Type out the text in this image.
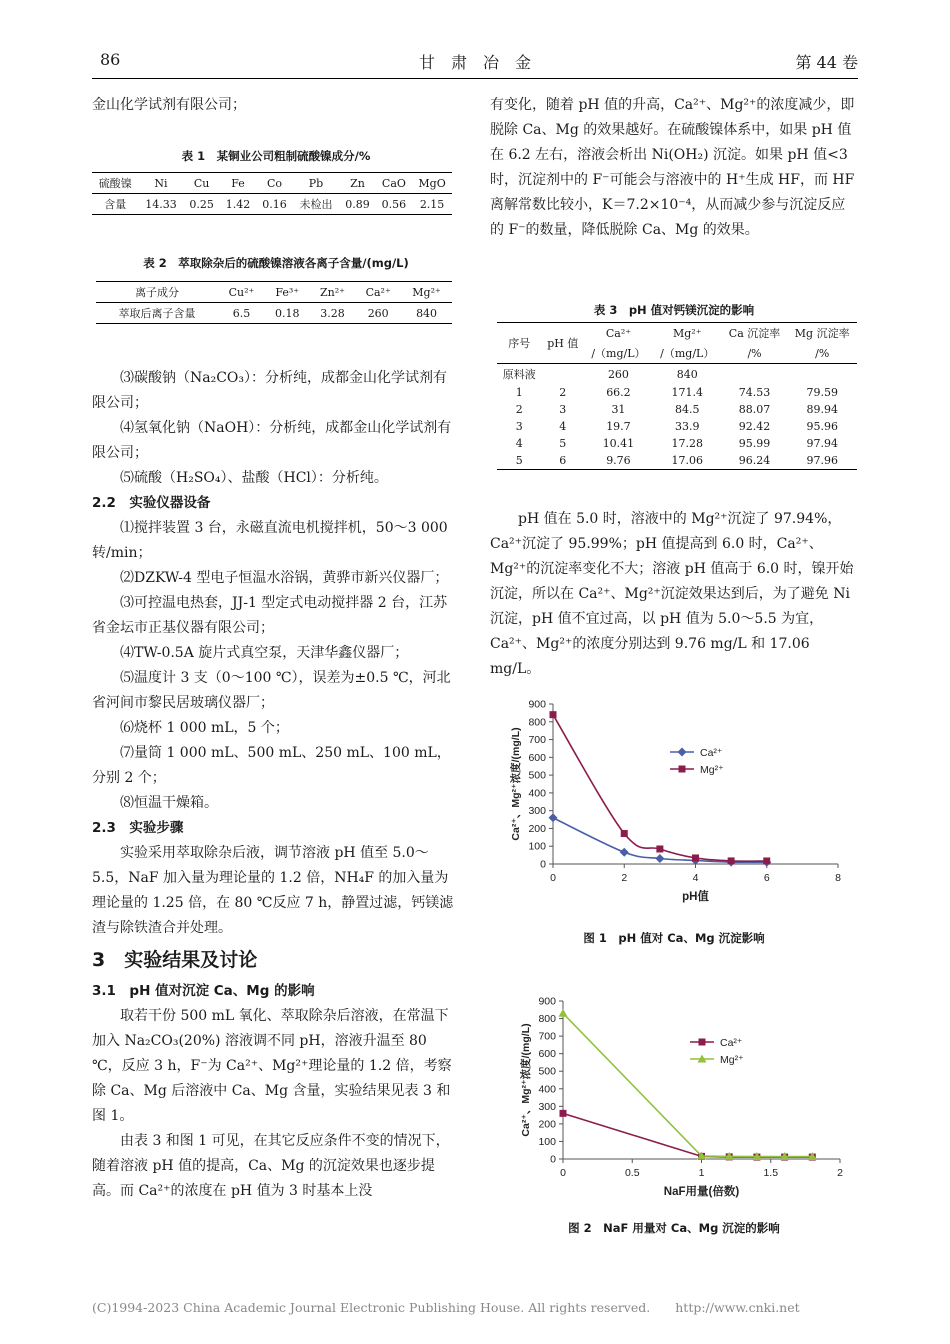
86	甘　肃　冶　金	第 44 卷

金山化学试剂有限公司；

表 1　某铜业公司粗制硫酸镍成分/%
硫酸镍	Ni	Cu	Fe	Co	Pb	Zn	CaO	MgO
含量	14.33	0.25	1.42	0.16	未检出	0.89	0.56	2.15
表 2　萃取除杂后的硫酸镍溶液各离子含量/(mg/L)
离子成分	Cu²⁺	Fe³⁺	Zn²⁺	Ca²⁺	Mg²⁺
萃取后离子含量	6.5	0.18	3.28	260	840

⑶碳酸钠（Na₂CO₃）：分析纯，成都金山化学试剂有限公司；

⑷氢氧化钠（NaOH）：分析纯，成都金山化学试剂有限公司；

⑸硫酸（H₂SO₄）、盐酸（HCl）：分析纯。

2.2　实验仪器设备

⑴搅拌装置 3 台，永磁直流电机搅拌机，50～3 000 转/min；

⑵DZKW-4 型电子恒温水浴锅，黄骅市新兴仪器厂；

⑶可控温电热套，JJ-1 型定式电动搅拌器 2 台，江苏省金坛市正基仪器有限公司；

⑷TW-0.5A 旋片式真空泵，天津华鑫仪器厂；

⑸温度计 3 支（0～100 ℃），误差为±0.5 ℃，河北省河间市黎民居玻璃仪器厂；

⑹烧杯 1 000 mL，5 个；

⑺量筒 1 000 mL、500 mL、250 mL、100 mL，分别 2 个；

⑻恒温干燥箱。

2.3　实验步骤

实验采用萃取除杂后液，调节溶液 pH 值至 5.0～5.5，NaF 加入量为理论量的 1.2 倍，NH₄F 的加入量为理论量的 1.25 倍，在 80 ℃反应 7 h，静置过滤，钙镁滤渣与除铁渣合并处理。

3　实验结果及讨论

3.1　pH 值对沉淀 Ca、Mg 的影响

取若干份 500 mL 氧化、萃取除杂后溶液，在常温下加入 Na₂CO₃(20%) 溶液调不同 pH，溶液升温至 80 ℃，反应 3 h，F⁻为 Ca²⁺、Mg²⁺理论量的 1.2 倍，考察除 Ca、Mg 后溶液中 Ca、Mg 含量，实验结果见表 3 和图 1。

由表 3 和图 1 可见，在其它反应条件不变的情况下，随着溶液 pH 值的提高，Ca、Mg 的沉淀效果也逐步提高。而 Ca²⁺的浓度在 pH 值为 3 时基本上没

有变化，随着 pH 值的升高，Ca²⁺、Mg²⁺的浓度减少，即脱除 Ca、Mg 的效果越好。在硫酸镍体系中，如果 pH 值在 6.2 左右，溶液会析出 Ni(OH₂) 沉淀。如果 pH 值<3 时，沉淀剂中的 F⁻可能会与溶液中的 H⁺生成 HF，而 HF 离解常数比较小，K＝7.2×10⁻⁴，从而减少参与沉淀反应的 F⁻的数量，降低脱除 Ca、Mg 的效果。

表 3　pH 值对钙镁沉淀的影响
序号	pH 值	Ca²⁺	Mg²⁺	Ca 沉淀率	Mg 沉淀率
		/（mg/L）	/（mg/L）	/%	/%
原料液		260	840		
1	2	66.2	171.4	74.53	79.59
2	3	31	84.5	88.07	89.94
3	4	19.7	33.9	92.42	95.96
4	5	10.41	17.28	95.99	97.94
5	6	9.76	17.06	96.24	97.96

pH 值在 5.0 时，溶液中的 Mg²⁺沉淀了 97.94%，Ca²⁺沉淀了 95.99%；pH 值提高到 6.0 时，Ca²⁺、Mg²⁺的沉淀率变化不大；溶液 pH 值高于 6.0 时，镍开始沉淀，所以在 Ca²⁺、Mg²⁺沉淀效果达到后，为了避免 Ni 沉淀，pH 值不宜过高，以 pH 值为 5.0～5.5 为宜，Ca²⁺、Mg²⁺的浓度分别达到 9.76 mg/L 和 17.06 mg/L。

0
100
200
300
400
500
600
700
800
900
0	2	4	6	8
pH值
Ca²⁺、Mg²⁺浓度/(mg/L)	Ca²⁺
Mg²⁺
图 1　pH 值对 Ca、Mg 沉淀影响
0
100
200
300
400
500
600
700
800
900
0	0.5	1	1.5	2
NaF用量(倍数)
Ca²⁺、Mg²⁺浓度/(mg/L)	Ca²⁺
Mg²⁺
图 2　NaF 用量对 Ca、Mg 沉淀的影响
(C)1994-2023 China Academic Journal Electronic Publishing House. All rights reserved.　　http://www.cnki.net
